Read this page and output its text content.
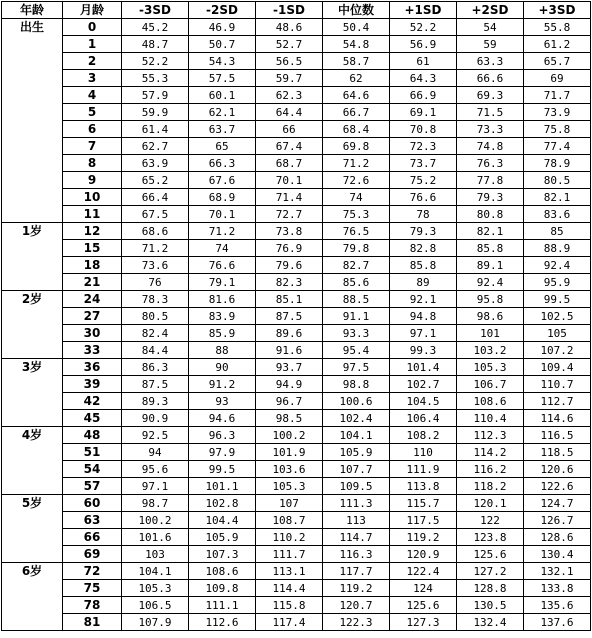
年龄	月龄	-3SD	-2SD	-1SD	中位数	+1SD	+2SD	+3SD
出生	0	45.2	46.9	48.6	50.4	52.2	54	55.8
	1	48.7	50.7	52.7	54.8	56.9	59	61.2
	2	52.2	54.3	56.5	58.7	61	63.3	65.7
	3	55.3	57.5	59.7	62	64.3	66.6	69
	4	57.9	60.1	62.3	64.6	66.9	69.3	71.7
	5	59.9	62.1	64.4	66.7	69.1	71.5	73.9
	6	61.4	63.7	66	68.4	70.8	73.3	75.8
	7	62.7	65	67.4	69.8	72.3	74.8	77.4
	8	63.9	66.3	68.7	71.2	73.7	76.3	78.9
	9	65.2	67.6	70.1	72.6	75.2	77.8	80.5
	10	66.4	68.9	71.4	74	76.6	79.3	82.1
	11	67.5	70.1	72.7	75.3	78	80.8	83.6
1岁	12	68.6	71.2	73.8	76.5	79.3	82.1	85
	15	71.2	74	76.9	79.8	82.8	85.8	88.9
	18	73.6	76.6	79.6	82.7	85.8	89.1	92.4
	21	76	79.1	82.3	85.6	89	92.4	95.9
2岁	24	78.3	81.6	85.1	88.5	92.1	95.8	99.5
	27	80.5	83.9	87.5	91.1	94.8	98.6	102.5
	30	82.4	85.9	89.6	93.3	97.1	101	105
	33	84.4	88	91.6	95.4	99.3	103.2	107.2
3岁	36	86.3	90	93.7	97.5	101.4	105.3	109.4
	39	87.5	91.2	94.9	98.8	102.7	106.7	110.7
	42	89.3	93	96.7	100.6	104.5	108.6	112.7
	45	90.9	94.6	98.5	102.4	106.4	110.4	114.6
4岁	48	92.5	96.3	100.2	104.1	108.2	112.3	116.5
	51	94	97.9	101.9	105.9	110	114.2	118.5
	54	95.6	99.5	103.6	107.7	111.9	116.2	120.6
	57	97.1	101.1	105.3	109.5	113.8	118.2	122.6
5岁	60	98.7	102.8	107	111.3	115.7	120.1	124.7
	63	100.2	104.4	108.7	113	117.5	122	126.7
	66	101.6	105.9	110.2	114.7	119.2	123.8	128.6
	69	103	107.3	111.7	116.3	120.9	125.6	130.4
6岁	72	104.1	108.6	113.1	117.7	122.4	127.2	132.1
	75	105.3	109.8	114.4	119.2	124	128.8	133.8
	78	106.5	111.1	115.8	120.7	125.6	130.5	135.6
	81	107.9	112.6	117.4	122.3	127.3	132.4	137.6
